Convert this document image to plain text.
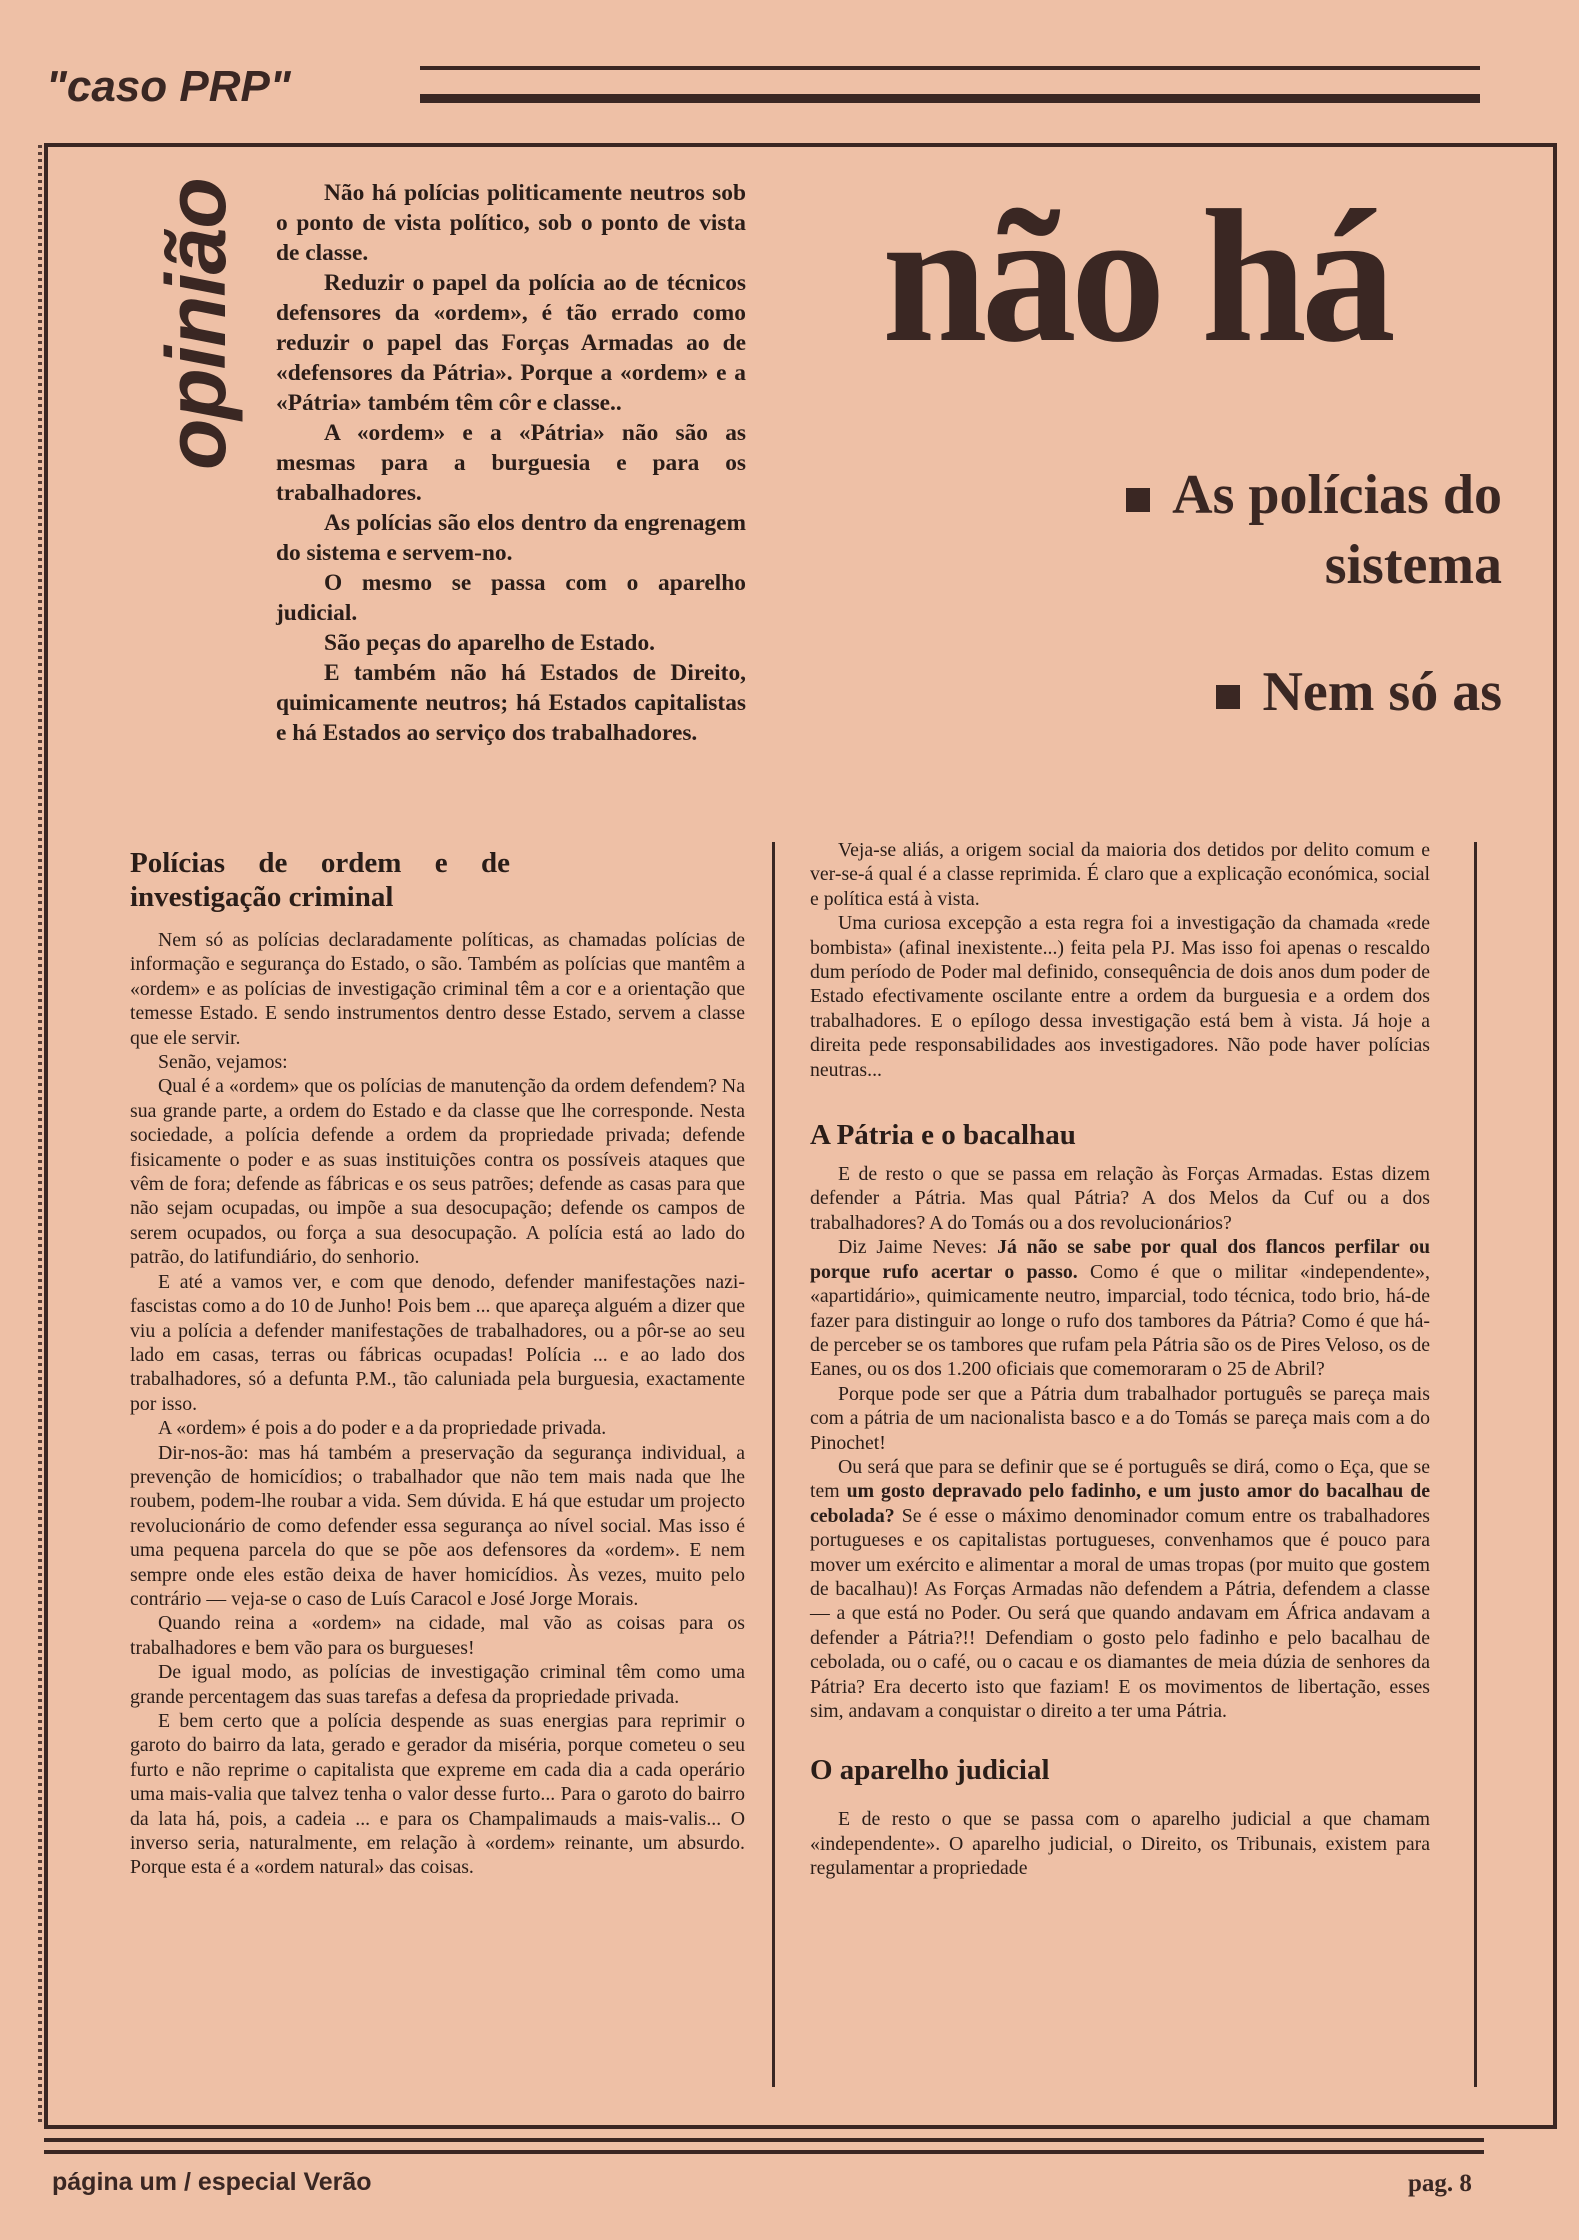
"caso PRP"
opinião	Não há polícias politicamente neutros sob o ponto de vista político, sob o ponto de vista de classe.

Reduzir o papel da polícia ao de técnicos defensores da «ordem», é tão errado como reduzir o papel das Forças Armadas ao de «defensores da Pátria». Porque a «ordem» e a «Pátria» também têm côr e classe..

A «ordem» e a «Pátria» não são as mesmas para a burguesia e para os trabalhadores.

As polícias são elos dentro da engrenagem do sistema e servem-no.

O mesmo se passa com o aparelho judicial.

São peças do aparelho de Estado.

E também não há Estados de Direito, quimicamente neutros; há Estados capitalistas e há Estados ao serviço dos trabalhadores.

não há
As polícias do sistema
Nem só as
Polícias de ordem e de investigação criminal

Nem só as polícias declaradamente políticas, as chamadas polícias de informação e segurança do Estado, o são. Também as polícias que mantêm a «ordem» e as polícias de investigação criminal têm a cor e a orientação que temesse Estado. E sendo instrumentos dentro desse Estado, servem a classe que ele servir.

Senão, vejamos:

Qual é a «ordem» que os polícias de manutenção da ordem defendem? Na sua grande parte, a ordem do Estado e da classe que lhe corresponde. Nesta sociedade, a polícia defende a ordem da propriedade privada; defende fisicamente o poder e as suas instituições contra os possíveis ataques que vêm de fora; defende as fábricas e os seus patrões; defende as casas para que não sejam ocupadas, ou impõe a sua desocupação; defende os campos de serem ocupados, ou força a sua desocupação. A polícia está ao lado do patrão, do latifundiário, do senhorio.

E até a vamos ver, e com que denodo, defender manifestações nazi-fascistas como a do 10 de Junho! Pois bem ... que apareça alguém a dizer que viu a polícia a defender manifestações de trabalhadores, ou a pôr-se ao seu lado em casas, terras ou fábricas ocupadas! Polícia ... e ao lado dos trabalhadores, só a defunta P.M., tão caluniada pela burguesia, exactamente por isso.

A «ordem» é pois a do poder e a da propriedade privada.

Dir-nos-ão: mas há também a preservação da segurança individual, a prevenção de homicídios; o trabalhador que não tem mais nada que lhe roubem, podem-lhe roubar a vida. Sem dúvida. E há que estudar um projecto revolucionário de como defender essa segurança ao nível social. Mas isso é uma pequena parcela do que se põe aos defensores da «ordem». E nem sempre onde eles estão deixa de haver homicídios. Às vezes, muito pelo contrário — veja-se o caso de Luís Caracol e José Jorge Morais.

Quando reina a «ordem» na cidade, mal vão as coisas para os trabalhadores e bem vão para os burgueses!

De igual modo, as polícias de investigação criminal têm como uma grande percentagem das suas tarefas a defesa da propriedade privada.

E bem certo que a polícia despende as suas energias para reprimir o garoto do bairro da lata, gerado e gerador da miséria, porque cometeu o seu furto e não reprime o capitalista que expreme em cada dia a cada operário uma mais-valia que talvez tenha o valor desse furto... Para o garoto do bairro da lata há, pois, a cadeia ... e para os Champalimauds a mais-valis... O inverso seria, naturalmente, em relação à «ordem» reinante, um absurdo. Porque esta é a «ordem natural» das coisas.

Veja-se aliás, a origem social da maioria dos detidos por delito comum e ver-se-á qual é a classe reprimida. É claro que a explicação económica, social e política está à vista.

Uma curiosa excepção a esta regra foi a investigação da chamada «rede bombista» (afinal inexistente...) feita pela PJ. Mas isso foi apenas o rescaldo dum período de Poder mal definido, consequência de dois anos dum poder de Estado efectivamente oscilante entre a ordem da burguesia e a ordem dos trabalhadores. E o epílogo dessa investigação está bem à vista. Já hoje a direita pede responsabilidades aos investigadores. Não pode haver polícias neutras...

A Pátria e o bacalhau

E de resto o que se passa em relação às Forças Armadas. Estas dizem defender a Pátria. Mas qual Pátria? A dos Melos da Cuf ou a dos trabalhadores? A do Tomás ou a dos revolucionários?

Diz Jaime Neves: Já não se sabe por qual dos flancos perfilar ou porque rufo acertar o passo. Como é que o militar «independente», «apartidário», quimicamente neutro, imparcial, todo técnica, todo brio, há-de fazer para distinguir ao longe o rufo dos tambores da Pátria? Como é que há-de perceber se os tambores que rufam pela Pátria são os de Pires Veloso, os de Eanes, ou os dos 1.200 oficiais que comemoraram o 25 de Abril?

Porque pode ser que a Pátria dum trabalhador português se pareça mais com a pátria de um nacionalista basco e a do Tomás se pareça mais com a do Pinochet!

Ou será que para se definir que se é português se dirá, como o Eça, que se tem um gosto depravado pelo fadinho, e um justo amor do bacalhau de cebolada? Se é esse o máximo denominador comum entre os trabalhadores portugueses e os capitalistas portugueses, convenhamos que é pouco para mover um exército e alimentar a moral de umas tropas (por muito que gostem de bacalhau)! As Forças Armadas não defendem a Pátria, defendem a classe — a que está no Poder. Ou será que quando andavam em África andavam a defender a Pátria?!! Defendiam o gosto pelo fadinho e pelo bacalhau de cebolada, ou o café, ou o cacau e os diamantes de meia dúzia de senhores da Pátria? Era decerto isto que faziam! E os movimentos de libertação, esses sim, andavam a conquistar o direito a ter uma Pátria.

O aparelho judicial

E de resto o que se passa com o aparelho judicial a que chamam «independente». O aparelho judicial, o Direito, os Tribunais, existem para regulamentar a propriedade

página um / especial Verão	pag. 8
